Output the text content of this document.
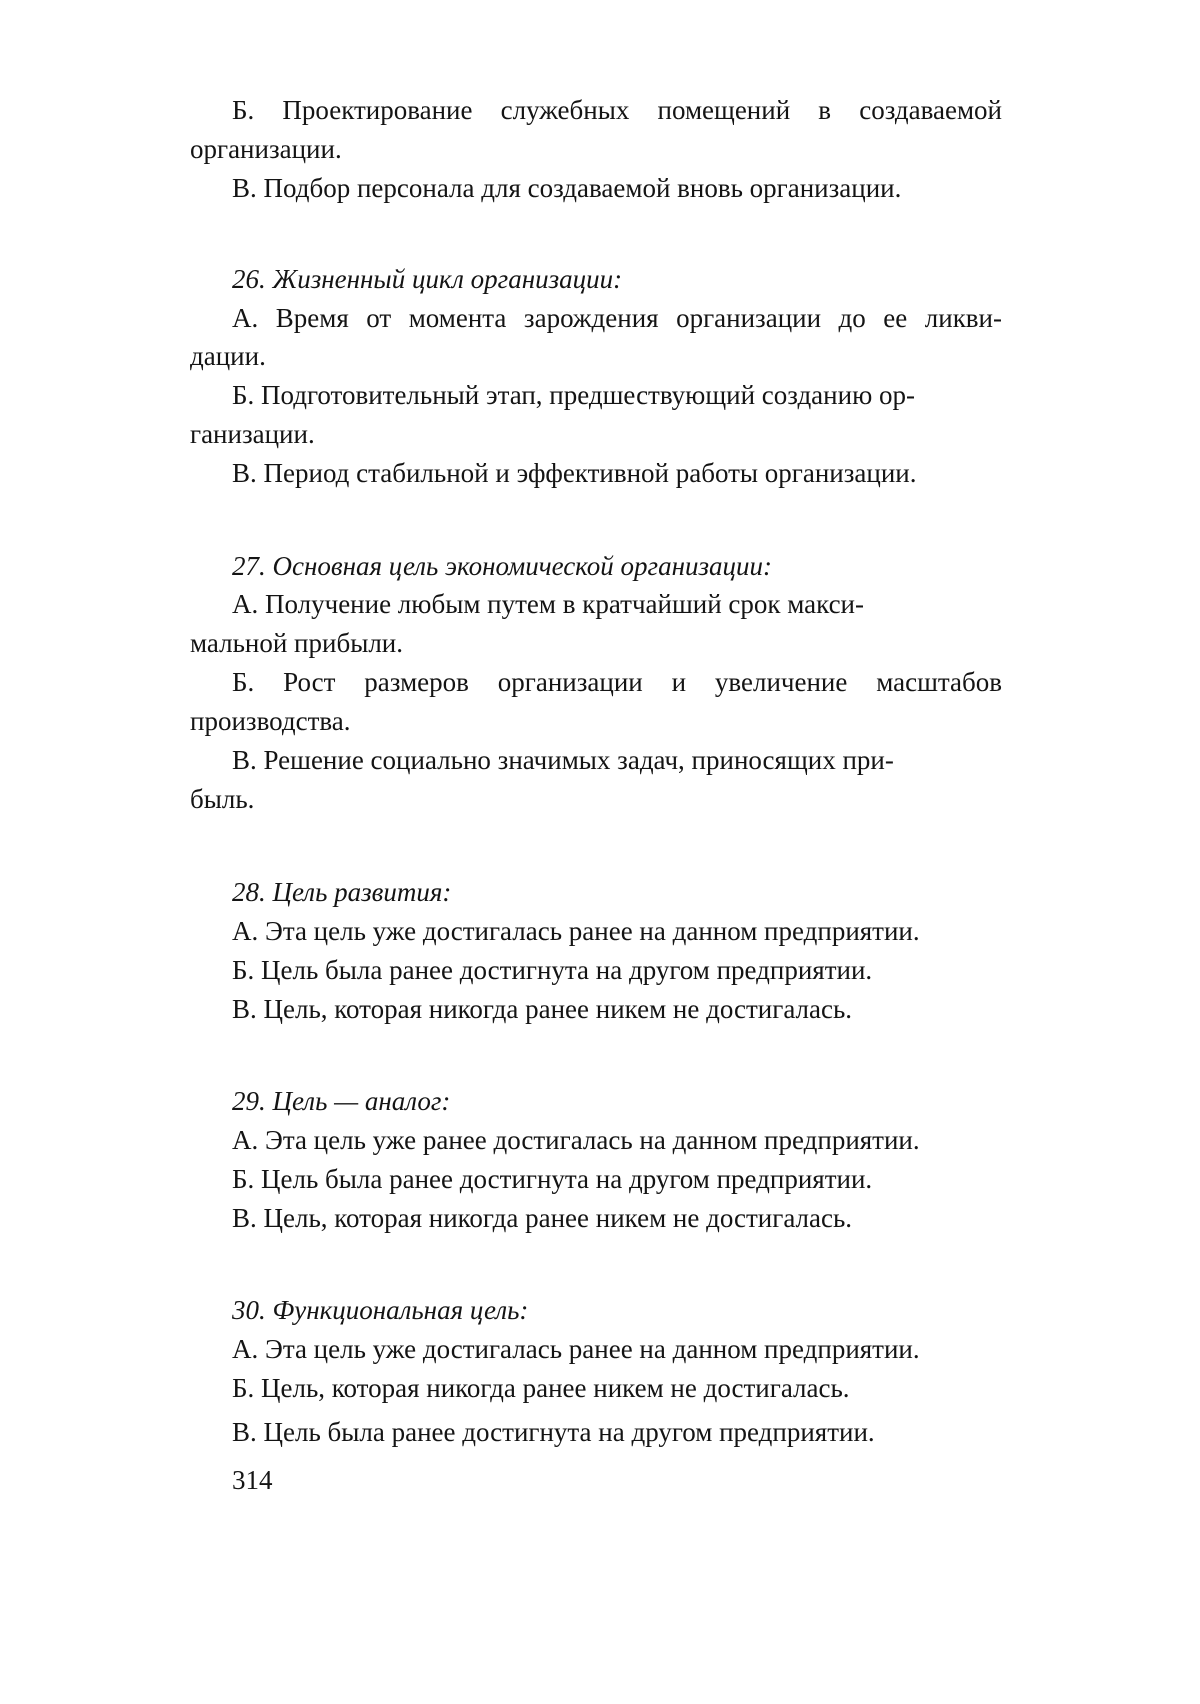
Б. Проектирование служебных помещений в создаваемой

организации.

В. Подбор персонала для создаваемой вновь организации.

26. Жизненный цикл организации:

А. Время от момента зарождения организации до ее ликви-

дации.

Б. Подготовительный этап, предшествующий созданию ор-

ганизации.

В. Период стабильной и эффективной работы организации.

27. Основная цель экономической организации:

А. Получение любым путем в кратчайший срок макси-

мальной прибыли.

Б. Рост размеров организации и увеличение масштабов

производства.

В. Решение социально значимых задач, приносящих при-

быль.

28. Цель развития:

А. Эта цель уже достигалась ранее на данном предприятии.

Б. Цель была ранее достигнута на другом предприятии.

В. Цель, которая никогда ранее никем не достигалась.

29. Цель — аналог:

А. Эта цель уже ранее достигалась на данном предприятии.

Б. Цель была ранее достигнута на другом предприятии.

В. Цель, которая никогда ранее никем не достигалась.

30. Функциональная цель:

А. Эта цель уже достигалась ранее на данном предприятии.

Б. Цель, которая никогда ранее никем не достигалась.

В. Цель была ранее достигнута на другом предприятии.

314
